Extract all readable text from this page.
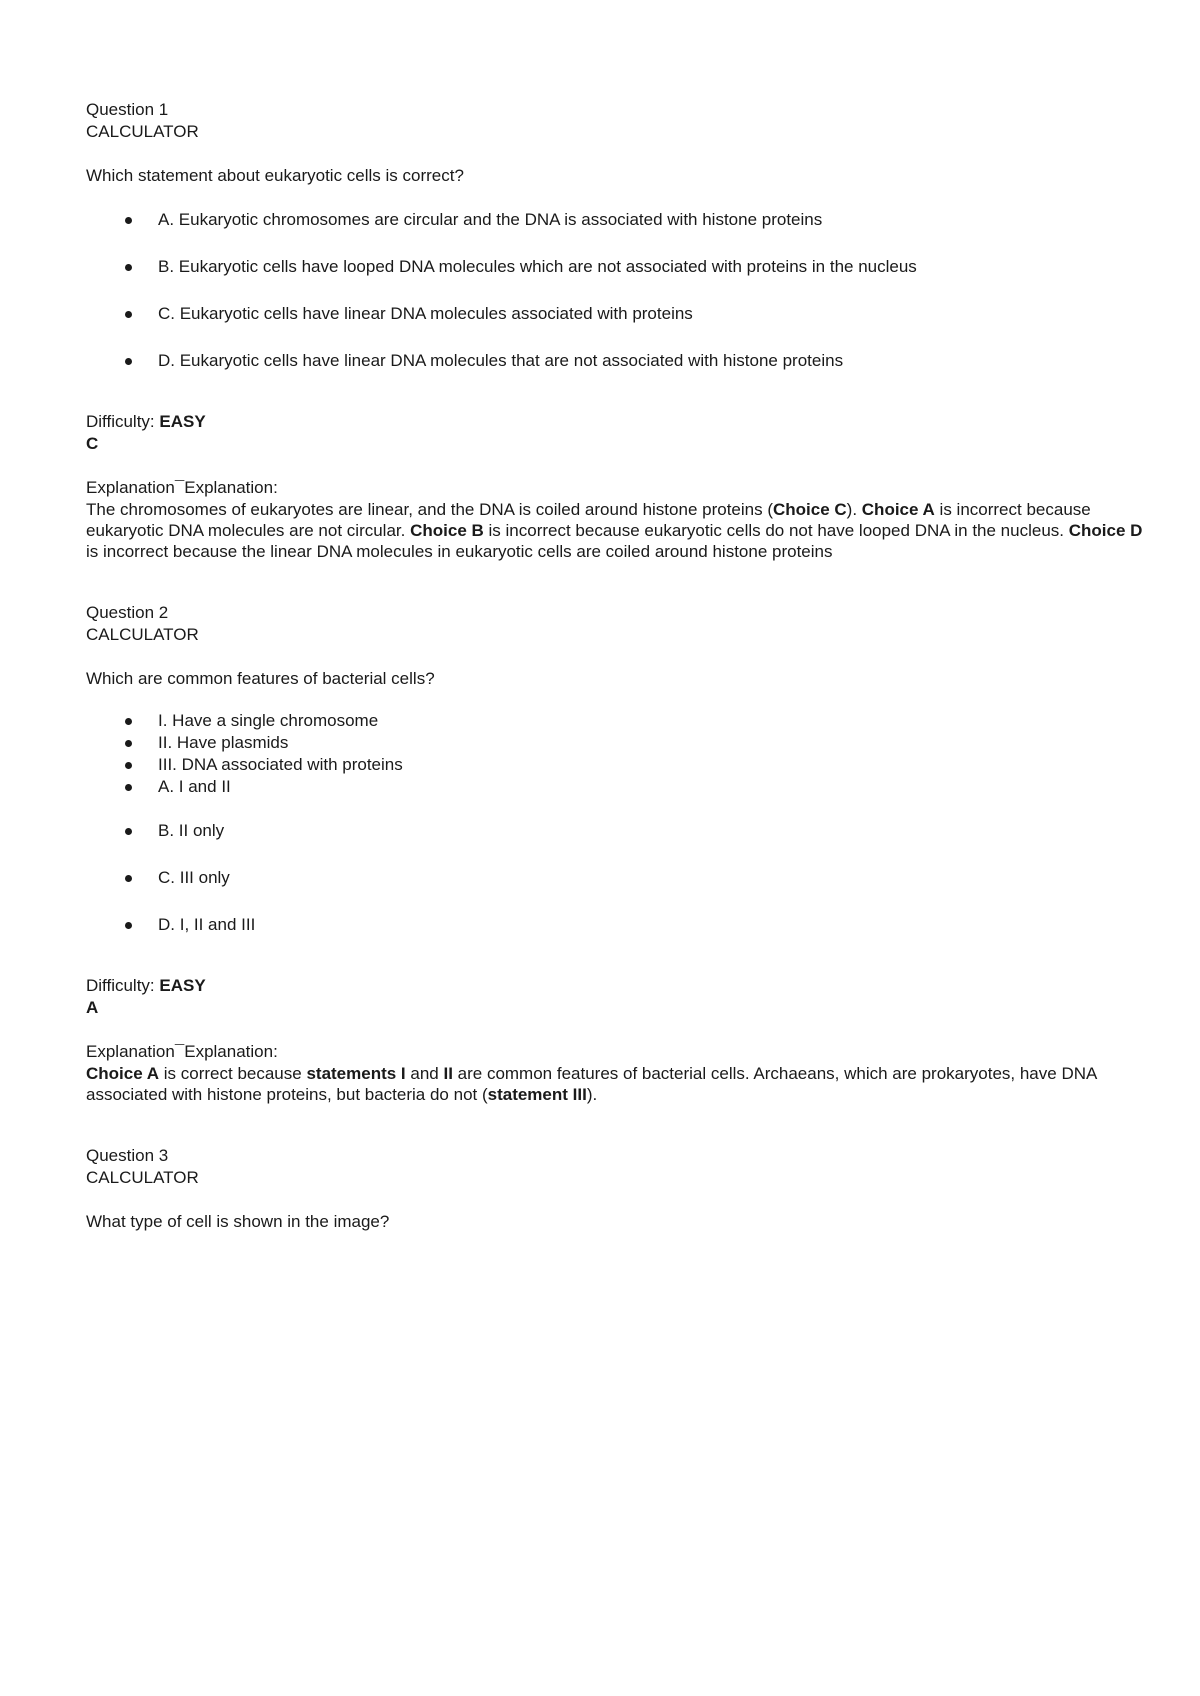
Question 1
CALCULATOR
Which statement about eukaryotic cells is correct?
A. Eukaryotic chromosomes are circular and the DNA is associated with histone proteins
B. Eukaryotic cells have looped DNA molecules which are not associated with proteins in the nucleus
C. Eukaryotic cells have linear DNA molecules associated with proteins
D. Eukaryotic cells have linear DNA molecules that are not associated with histone proteins
Difficulty: EASY
C
Explanation¯Explanation:
The chromosomes of eukaryotes are linear, and the DNA is coiled around histone proteins (Choice C). Choice A is incorrect because eukaryotic DNA molecules are not circular. Choice B is incorrect because eukaryotic cells do not have looped DNA in the nucleus. Choice D is incorrect because the linear DNA molecules in eukaryotic cells are coiled around histone proteins
Question 2
CALCULATOR
Which are common features of bacterial cells?
I. Have a single chromosome
II. Have plasmids
III. DNA associated with proteins
A. I and II
B. II only
C. III only
D. I, II and III
Difficulty: EASY
A
Explanation¯Explanation:
Choice A is correct because statements I and II are common features of bacterial cells. Archaeans, which are prokaryotes, have DNA associated with histone proteins, but bacteria do not (statement III).
Question 3
CALCULATOR
What type of cell is shown in the image?
